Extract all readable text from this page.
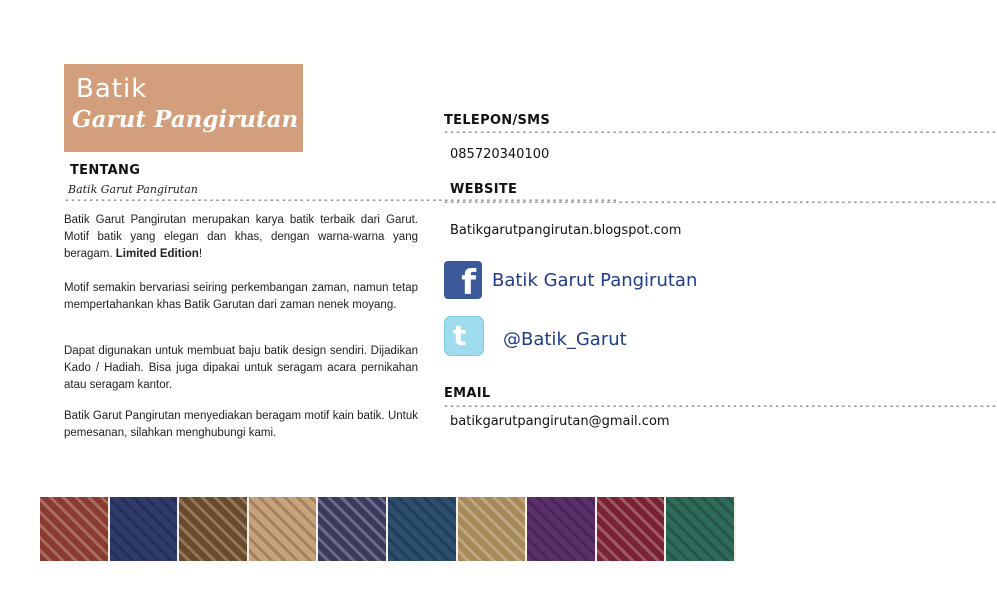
Batik
Garut Pangirutan
TENTANG
Batik Garut Pangirutan
--------------------------------------------------------------------------------------------

Batik Garut Pangirutan merupakan karya batik terbaik dari Garut. Motif batik yang elegan dan khas, dengan warna-warna yang beragam. Limited Edition!

Motif semakin bervariasi seiring perkembangan zaman, namun tetap mempertahankan khas Batik Garutan dari zaman nenek moyang.

Dapat digunakan untuk membuat baju batik design sendiri. Dijadikan Kado / Hadiah. Bisa juga dipakai untuk seragam acara pernikahan atau seragam kantor.

Batik Garut Pangirutan menyediakan beragam motif kain batik. Untuk pemesanan, silahkan menghubungi kami.

TELEPON/SMS
--------------------------------------------------------------------------------------------
085720340100
WEBSITE
--------------------------------------------------------------------------------------------
Batikgarutpangirutan.blogspot.com
f Batik Garut Pangirutan
t @Batik_Garut
EMAIL
--------------------------------------------------------------------------------------------
batikgarutpangirutan@gmail.com
